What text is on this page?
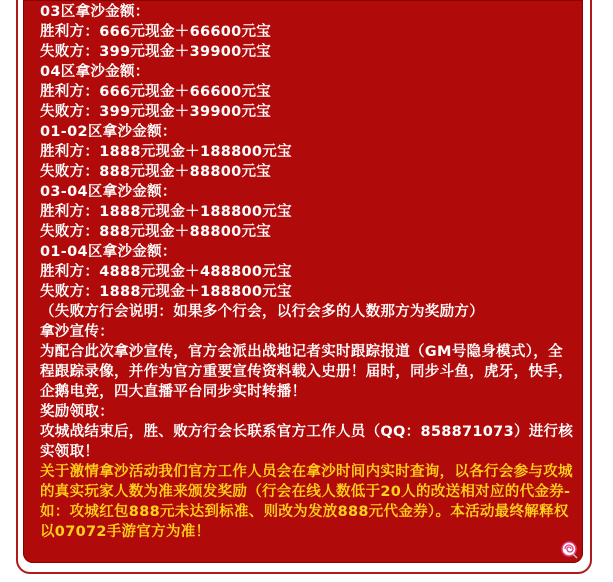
03区拿沙金额：
胜利方：666元现金＋66600元宝
失败方：399元现金＋39900元宝
04区拿沙金额：
胜利方：666元现金＋66600元宝
失败方：399元现金＋39900元宝
01-02区拿沙金额：
胜利方：1888元现金＋188800元宝
失败方：888元现金＋88800元宝
03-04区拿沙金额：
胜利方：1888元现金＋188800元宝
失败方：888元现金＋88800元宝
01-04区拿沙金额：
胜利方：4888元现金＋488800元宝
失败方：1888元现金＋188800元宝
（失败方行会说明：如果多个行会，以行会多的人数那方为奖励方）
拿沙宣传：
为配合此次拿沙宣传，官方会派出战地记者实时跟踪报道（GM号隐身模式），全程跟踪录像，并作为官方重要宣传资料载入史册！届时，同步斗鱼，虎牙，快手，企鹅电竞，四大直播平台同步实时转播！
奖励领取：
攻城战结束后，胜、败方行会长联系官方工作人员（QQ：858871073）进行核实领取！
关于激情拿沙活动我们官方工作人员会在拿沙时间内实时查询，以各行会参与攻城的真实玩家人数为准来颁发奖励（行会在线人数低于20人的改送相对应的代金券-如：攻城红包888元未达到标准、则改为发放888元代金券）。本活动最终解释权以07072手游官方为准！
